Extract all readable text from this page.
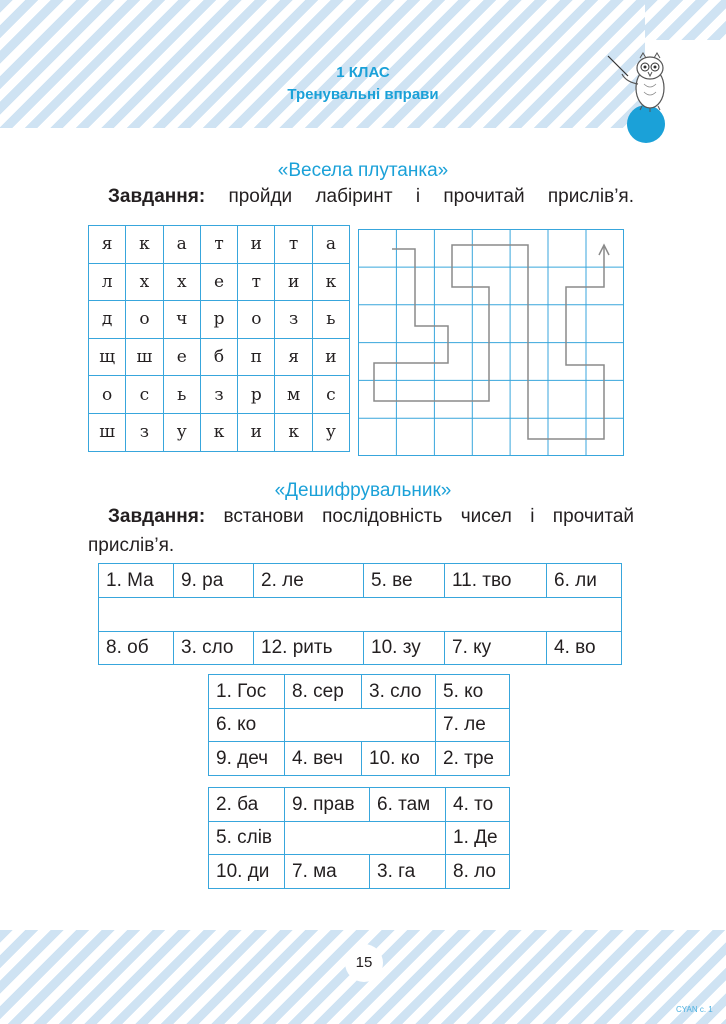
1 КЛАС
Тренувальні вправи
«Весела плутанка»
Завдання: пройди лабіринт і прочитай прислів’я.
я	к	а	т	и	т	а
л	х	х	е	т	и	к
д	о	ч	р	о	з	ь
щ	ш	е	б	п	я	и
о	с	ь	з	р	м	с
ш	з	у	к	и	к	у
«Дешифрувальник»
Завдання: встанови послідовність чисел і прочитай
прислів’я.
1. Ма	9. ра	2. ле	5. ве	11. тво	6. ли

8. об	3. сло	12. рить	10. зу	7. ку	4. во
1. Гос	8. сер	3. сло	5. ко
6. ко			7. ле
9. деч	4. веч	10. ко	2. тре
2. ба	9. прав	6. там	4. то
5. слів			1. Де
10. ди	7. ма	3. га	8. ло
15
CYAN c. 1
